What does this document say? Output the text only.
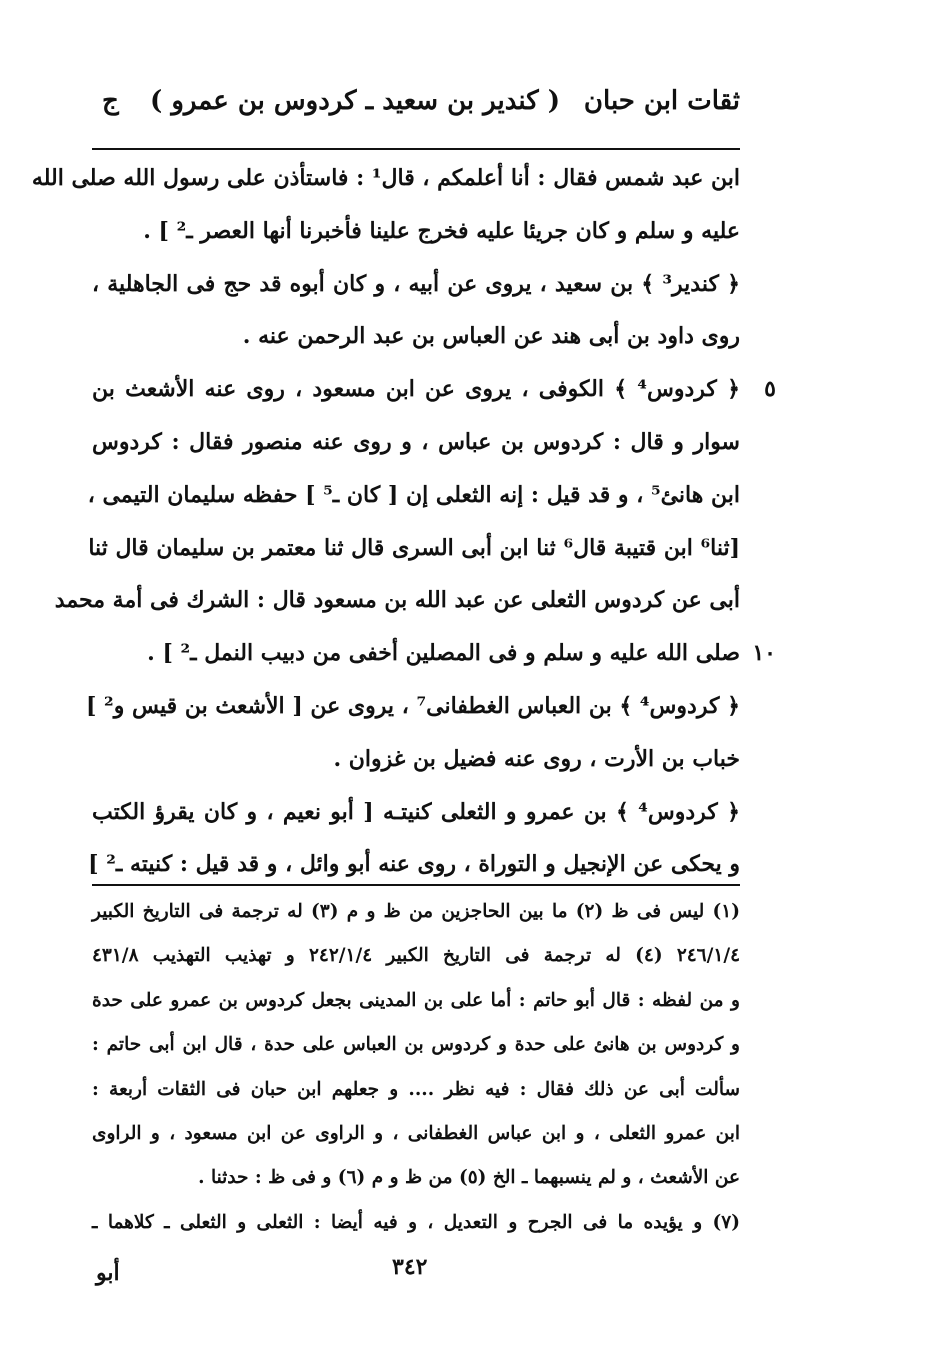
ثقات ابن حبان
( كندير بن سعيد ـ كردوس بن عمرو )
ج
ابن عبد شمس فقال : أنا أعلمكم ، قال¹ : فاستأذن على رسول الله صلى الله
عليه و سلم و كان جريئا عليه فخرج علينا فأخبرنا أنها العصر ـ² ] .
﴿ كندير³ ﴾ بن سعيد ، يروى عن أبيه ، و كان أبوه قد حج فى الجاهلية ،
روى داود بن أبى هند عن العباس بن عبد الرحمن عنه .
٥
﴿ كردوس⁴ ﴾ الكوفى ، يروى عن ابن مسعود ، روى عنه الأشعث بن
سوار و قال : كردوس بن عباس ، و روى عنه منصور فقال : كردوس
ابن هانئ⁵ ، و قد قيل : إنه الثعلى إن [ كان ـ⁵ ] حفظه سليمان التيمى ،
[ثنا⁶ ابن قتيبة قال⁶ ثنا ابن أبى السرى قال ثنا معتمر بن سليمان قال ثنا
أبى عن كردوس الثعلى عن عبد الله بن مسعود قال : الشرك فى أمة محمد
١٠
صلى الله عليه و سلم و فى المصلين أخفى من دبيب النمل ـ² ] .
﴿ كردوس⁴ ﴾ بن العباس الغطفانى⁷ ، يروى عن [ الأشعث بن قيس و² ]
خباب بن الأرت ، روى عنه فضيل بن غزوان .
﴿ كردوس⁴ ﴾ بن عمرو و الثعلى كنيتـه [ أبو نعيم ، و كان يقرؤ الكتب
و يحكى عن الإنجيل و التوراة ، روى عنه أبو وائل ، و قد قيل : كنيته ـ² ]
(١) ليس فى ظ (٢) ما بين الحاجزين من ظ و م (٣) له ترجمة فى التاريخ الكبير
٢٤٦/١/٤ (٤) له ترجمة فى التاريخ الكبير ٢٤٢/١/٤ و تهذيب التهذيب ٤٣١/٨
و من لفظه : قال أبو حاتم : أما على بن المدينى بجعل كردوس بن عمرو على حدة
و كردوس بن هانئ على حدة و كردوس بن العباس على حدة ، قال ابن أبى حاتم :
سألت أبى عن ذلك فقال : فيه نظر .... و جعلهم ابن حبان فى الثقات أربعة :
ابن عمرو الثعلى ، و ابن عباس الغطفانى ، و الراوى عن ابن مسعود ، و الراوى
عن الأشعث ، و لم ينسبهما ـ الخ (٥) من ظ و م (٦) و فى ظ : حدثنا .
(٧) و يؤيده ما فى الجرح و التعديل ، و فيه أيضا : الثعلى و الثعلى ـ كلاهما ـ
٣٤٢
أبو
